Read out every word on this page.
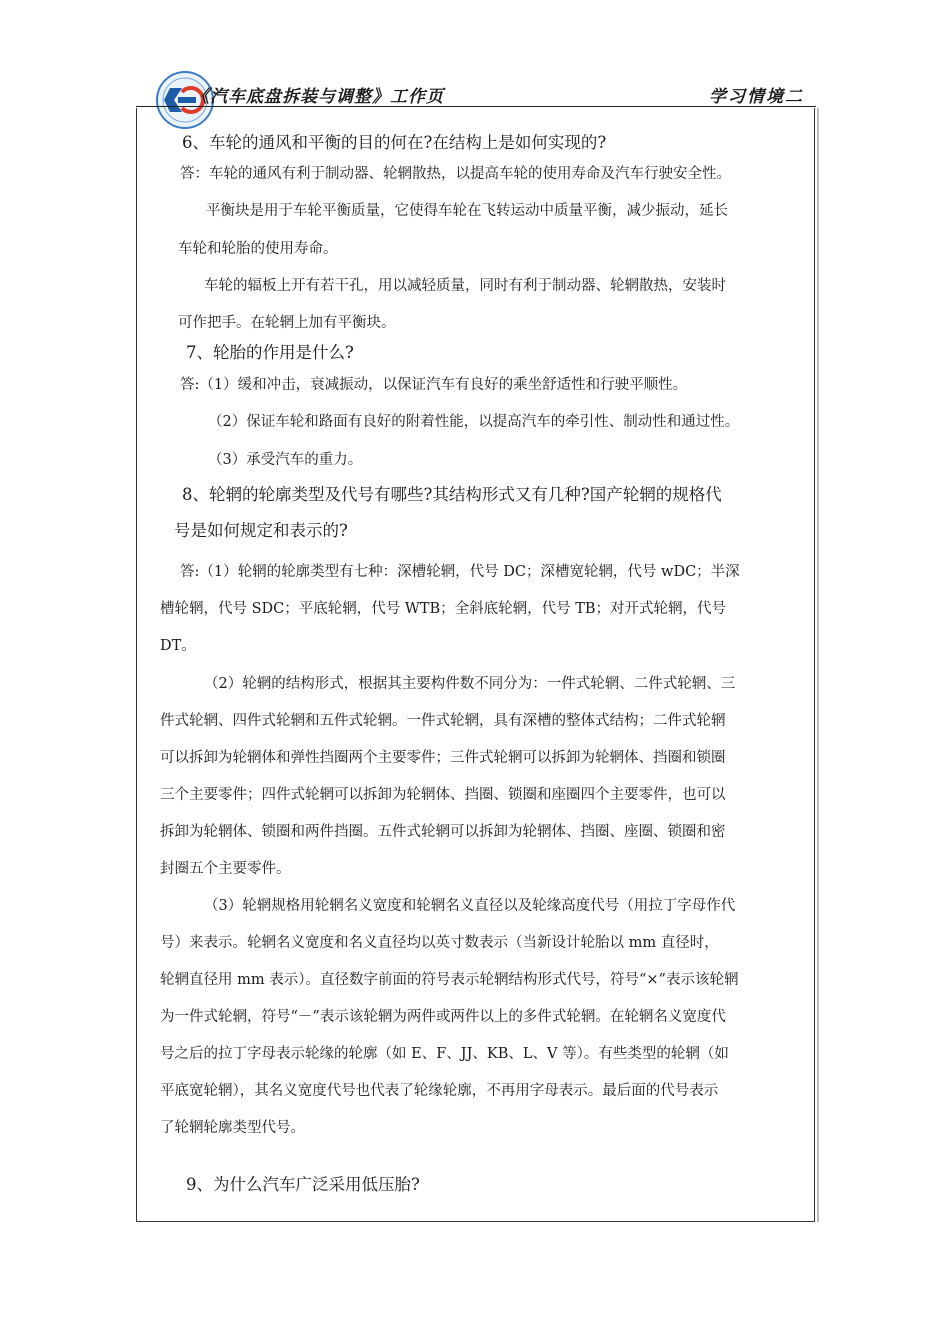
《汽车底盘拆装与调整》工作页	学习情境二
6、车轮的通风和平衡的目的何在?在结构上是如何实现的?
答：车轮的通风有利于制动器、轮辋散热，以提高车轮的使用寿命及汽车行驶安全性。
平衡块是用于车轮平衡质量，它使得车轮在飞转运动中质量平衡，减少振动，延长
车轮和轮胎的使用寿命。
车轮的辐板上开有若干孔，用以减轻质量，同时有利于制动器、轮辋散热，安装时
可作把手。在轮辋上加有平衡块。
7、轮胎的作用是什么?
答:（1）缓和冲击，衰减振动，以保证汽车有良好的乘坐舒适性和行驶平顺性。
（2）保证车轮和路面有良好的附着性能，以提高汽车的牵引性、制动性和通过性。
（3）承受汽车的重力。
8、轮辋的轮廓类型及代号有哪些?其结构形式又有几种?国产轮辋的规格代
号是如何规定和表示的?
答:（1）轮辋的轮廓类型有七种：深槽轮辋，代号 DC；深槽宽轮辋，代号 wDC；半深
槽轮辋，代号 SDC；平底轮辋，代号 WTB；全斜底轮辋，代号 TB；对开式轮辋，代号
DT。
（2）轮辋的结构形式，根据其主要构件数不同分为：一件式轮辋、二件式轮辋、三
件式轮辋、四件式轮辋和五件式轮辋。一件式轮辋，具有深槽的整体式结构；二件式轮辋
可以拆卸为轮辋体和弹性挡圈两个主要零件；三件式轮辋可以拆卸为轮辋体、挡圈和锁圈
三个主要零件；四件式轮辋可以拆卸为轮辋体、挡圈、锁圈和座圈四个主要零件，也可以
拆卸为轮辋体、锁圈和两件挡圈。五件式轮辋可以拆卸为轮辋体、挡圈、座圈、锁圈和密
封圈五个主要零件。
（3）轮辋规格用轮辋名义宽度和轮辋名义直径以及轮缘高度代号（用拉丁字母作代
号）来表示。轮辋名义宽度和名义直径均以英寸数表示（当新设计轮胎以 mm 直径时，
轮辋直径用 mm 表示）。直径数字前面的符号表示轮辋结构形式代号，符号“×”表示该轮辋
为一件式轮辋，符号“－”表示该轮辋为两件或两件以上的多件式轮辋。在轮辋名义宽度代
号之后的拉丁字母表示轮缘的轮廓（如 E、F、JJ、KB、L、V 等）。有些类型的轮辋（如
平底宽轮辋），其名义宽度代号也代表了轮缘轮廓，不再用字母表示。最后面的代号表示
了轮辋轮廓类型代号。
9、为什么汽车广泛采用低压胎?
